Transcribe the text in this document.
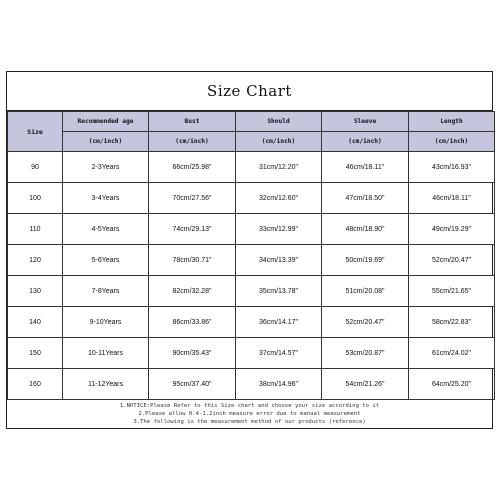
Size Chart
Size	Recommended age	Bust	Should	Sleeve	Length
	(cm/inch)	(cm/inch)	(cm/inch)	(cm/inch)	(cm/inch)
90	2-3Years	66cm/25.98"	31cm/12.20"	46cm/18.11"	43cm/16.93"
100	3-4Years	70cm/27.56"	32cm/12.60"	47cm/18.50"	46cm/18.11"
110	4-5Years	74cm/29.13"	33cm/12.99"	48cm/18.90"	49cm/19.29"
120	5-6Years	78cm/30.71"	34cm/13.39"	50cm/19.69"	52cm/20.47"
130	7-8Years	82cm/32.28"	35cm/13.78"	51cm/20.08"	55cm/21.65"
140	9-10Years	86cm/33.86"	36cm/14.17"	52cm/20.47"	58cm/22.83"
150	10-11Years	90cm/35.43"	37cm/14.57"	53cm/20.87"	61cm/24.02"
160	11-12Years	95cm/37.40"	38cm/14.96"	54cm/21.26"	64cm/25.20"
1.NOTICE:Please Refer to this Size chart and choose your size according to it
2.Please allow 0.4-1.2inch measure error due to manual measurement
3.The following is the measurement method of our products (reference)
